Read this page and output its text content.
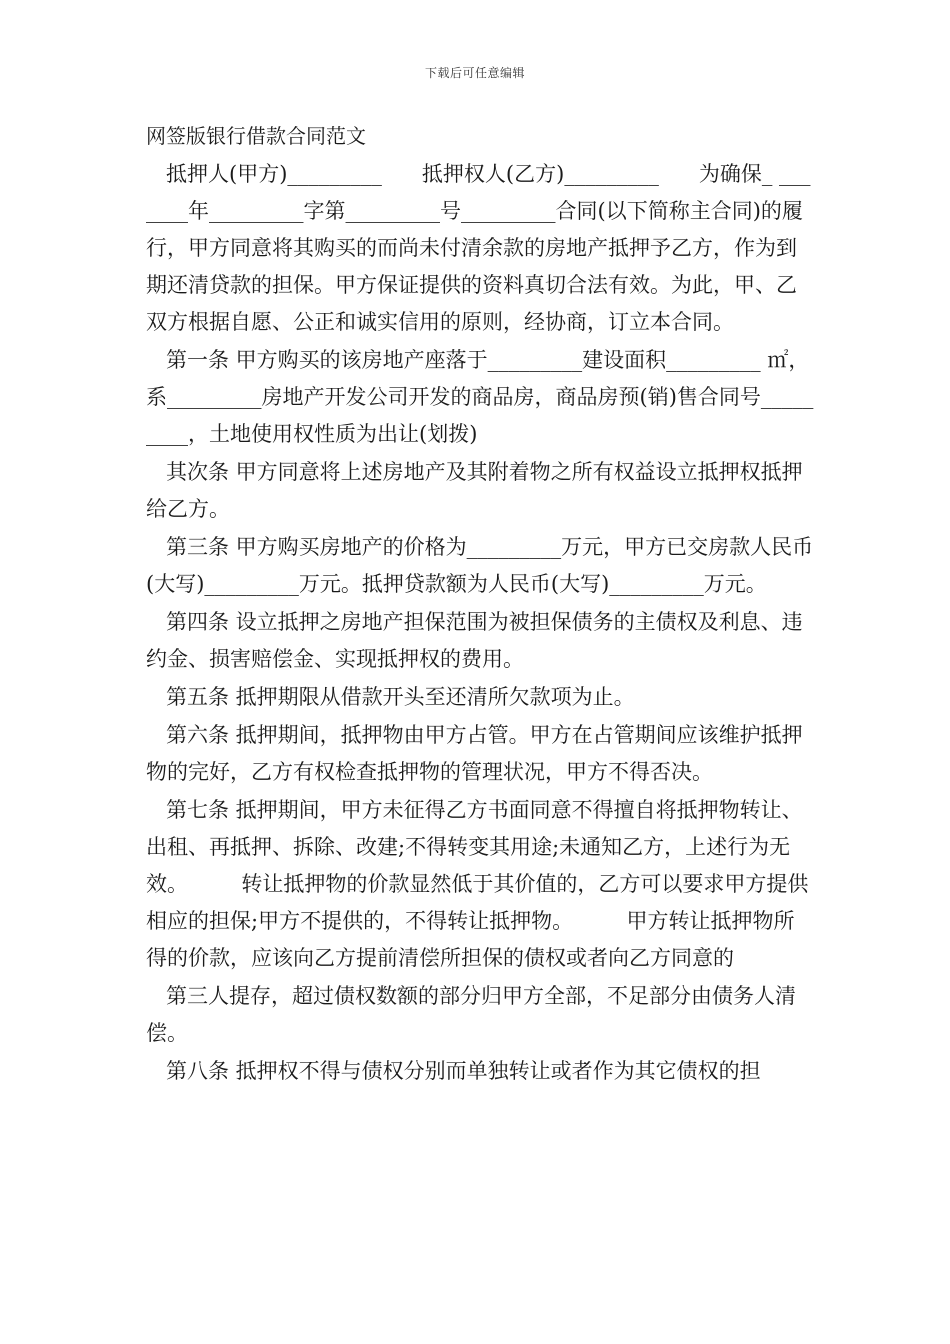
下载后可任意编辑
网签版银行借款合同范文
抵押人(甲方)_________      抵押权人(乙方)_________      为确保_ _______年_________字第_________号_________合同(以下简称主合同)的履行，甲方同意将其购买的而尚未付清余款的房地产抵押予乙方，作为到期还清贷款的担保。甲方保证提供的资料真切合法有效。为此，甲、乙双方根据自愿、公正和诚实信用的原则，经协商，订立本合同。
第一条 甲方购买的该房地产座落于_________建设面积_________ ㎡，系_________房地产开发公司开发的商品房，商品房预(销)售合同号_________，土地使用权性质为出让(划拨)
其次条 甲方同意将上述房地产及其附着物之所有权益设立抵押权抵押给乙方。
第三条 甲方购买房地产的价格为_________万元，甲方已交房款人民币(大写)_________万元。抵押贷款额为人民币(大写)_________万元。
第四条 设立抵押之房地产担保范围为被担保债务的主债权及利息、违约金、损害赔偿金、实现抵押权的费用。
第五条 抵押期限从借款开头至还清所欠款项为止。
第六条 抵押期间，抵押物由甲方占管。甲方在占管期间应该维护抵押物的完好，乙方有权检查抵押物的管理状况，甲方不得否决。
第七条 抵押期间，甲方未征得乙方书面同意不得擅自将抵押物转让、出租、再抵押、拆除、改建;不得转变其用途;未通知乙方，上述行为无效。        转让抵押物的价款显然低于其价值的，乙方可以要求甲方提供相应的担保;甲方不提供的，不得转让抵押物。        甲方转让抵押物所得的价款，应该向乙方提前清偿所担保的债权或者向乙方同意的
第三人提存，超过债权数额的部分归甲方全部，不足部分由债务人清偿。
第八条 抵押权不得与债权分别而单独转让或者作为其它债权的担
